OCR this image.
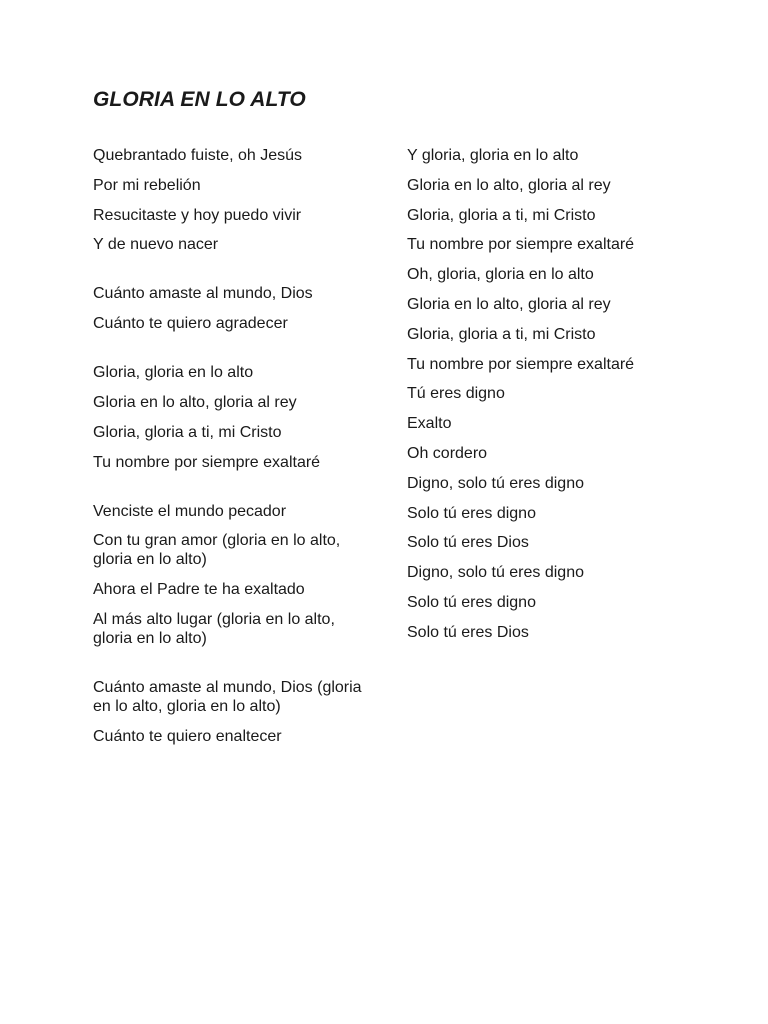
GLORIA EN LO ALTO
Quebrantado fuiste, oh Jesús
Por mi rebelión
Resucitaste y hoy puedo vivir
Y de nuevo nacer
Cuánto amaste al mundo, Dios
Cuánto te quiero agradecer
Gloria, gloria en lo alto
Gloria en lo alto, gloria al rey
Gloria, gloria a ti, mi Cristo
Tu nombre por siempre exaltaré
Venciste el mundo pecador
Con tu gran amor (gloria en lo alto, gloria en lo alto)
Ahora el Padre te ha exaltado
Al más alto lugar (gloria en lo alto, gloria en lo alto)
Cuánto amaste al mundo, Dios (gloria en lo alto, gloria en lo alto)
Cuánto te quiero enaltecer
Y gloria, gloria en lo alto
Gloria en lo alto, gloria al rey
Gloria, gloria a ti, mi Cristo
Tu nombre por siempre exaltaré
Oh, gloria, gloria en lo alto
Gloria en lo alto, gloria al rey
Gloria, gloria a ti, mi Cristo
Tu nombre por siempre exaltaré
Tú eres digno
Exalto
Oh cordero
Digno, solo tú eres digno
Solo tú eres digno
Solo tú eres Dios
Digno, solo tú eres digno
Solo tú eres digno
Solo tú eres Dios
